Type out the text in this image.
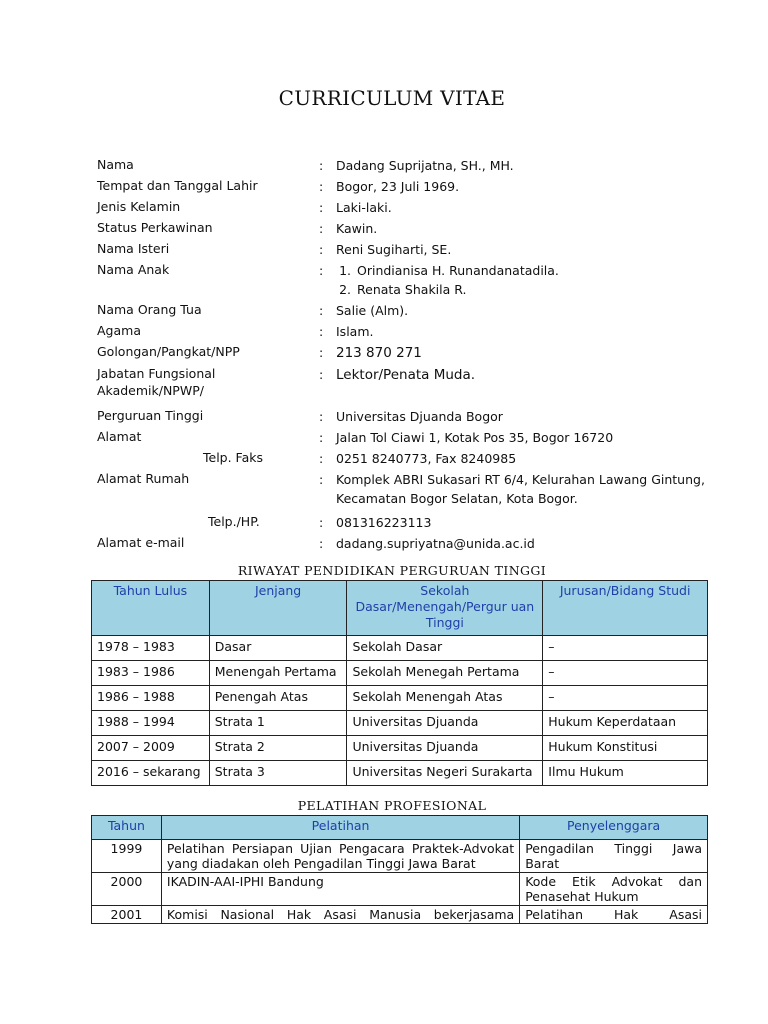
CURRICULUM VITAE
Nama	: Dadang Suprijatna, SH., MH.
Tempat dan Tanggal Lahir	: Bogor, 23 Juli 1969.
Jenis Kelamin	: Laki-laki.
Status Perkawinan	: Kawin.
Nama Isteri	: Reni Sugiharti, SE.
Nama Anak	: 1. Orindianisa H. Runandanatadila.
2. Renata Shakila R.
Nama Orang Tua	: Salie (Alm).
Agama	: Islam.
Golongan/Pangkat/NPP	: 213 870 271
Jabatan Fungsional Akademik/NPWP/
: Lektor/Penata Muda.
Perguruan Tinggi	: Universitas Djuanda Bogor
Alamat	: Jalan Tol Ciawi 1, Kotak Pos 35, Bogor 16720
Telp. Faks	: 0251 8240773, Fax 8240985
Alamat Rumah	: Komplek ABRI Sukasari RT 6/4, Kelurahan Lawang Gintung, Kecamatan Bogor Selatan, Kota Bogor.
Telp./HP.	: 081316223113
Alamat e-mail	: dadang.supriyatna@unida.ac.id
RIWAYAT PENDIDIKAN PERGURUAN TINGGI
Tahun Lulus	Jenjang	Sekolah Dasar/Menengah/Pergur uan Tinggi	Jurusan/Bidang Studi
1978 – 1983	Dasar	Sekolah Dasar	–
1983 – 1986	Menengah Pertama	Sekolah Menegah Pertama	–
1986 – 1988	Penengah Atas	Sekolah Menengah Atas	–
1988 – 1994	Strata 1	Universitas Djuanda	Hukum Keperdataan
2007 – 2009	Strata 2	Universitas Djuanda	Hukum Konstitusi
2016 – sekarang	Strata 3	Universitas Negeri Surakarta	Ilmu Hukum
PELATIHAN PROFESIONAL
Tahun	Pelatihan	Penyelenggara
1999	Pelatihan Persiapan Ujian Pengacara Praktek-Advokat yang diadakan oleh Pengadilan Tinggi Jawa Barat	Pengadilan Tinggi Jawa Barat
2000	IKADIN-AAI-IPHI Bandung	Kode Etik Advokat dan Penasehat Hukum
2001	Komisi Nasional Hak Asasi Manusia bekerjasama	Pelatihan Hak Asasi
